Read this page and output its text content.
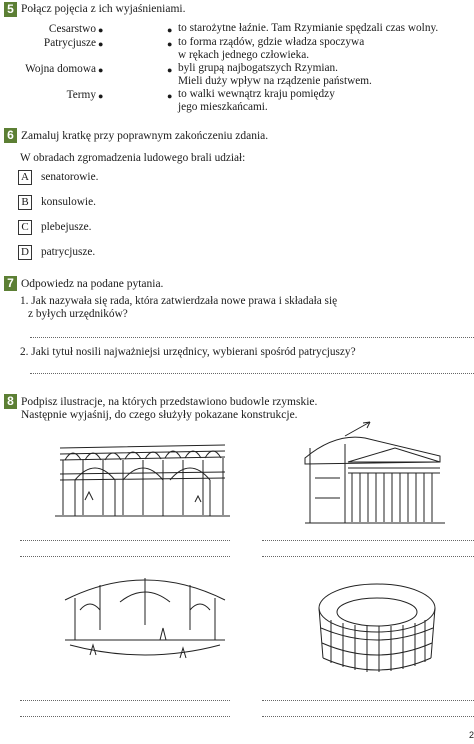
5 Połącz pojęcia z ich wyjaśnieniami.
Cesarstwo
Patrycjusze
Wojna domowa
Termy
●
●
●
●
●
●
●
●
to starożytne łaźnie. Tam Rzymianie spędzali czas wolny.
to forma rządów, gdzie władza spoczywa
w rękach jednego człowieka.
byli grupą najbogatszych Rzymian.
Mieli duży wpływ na rządzenie państwem.
to walki wewnątrz kraju pomiędzy
jego mieszkańcami.
6 Zamaluj kratkę przy poprawnym zakończeniu zdania.
W obradach zgromadzenia ludowego brali udział:
A senatorowie.
B konsulowie.
C plebejusze.
D patrycjusze.
7 Odpowiedz na podane pytania.
1. Jak nazywała się rada, która zatwierdzała nowe prawa i składała się
z byłych urzędników?
2. Jaki tytuł nosili najważniejsi urzędnicy, wybierani spośród patrycjuszy?
8 Podpisz ilustracje, na których przedstawiono budowle rzymskie.
Następnie wyjaśnij, do czego służyły pokazane konstrukcje.
2
